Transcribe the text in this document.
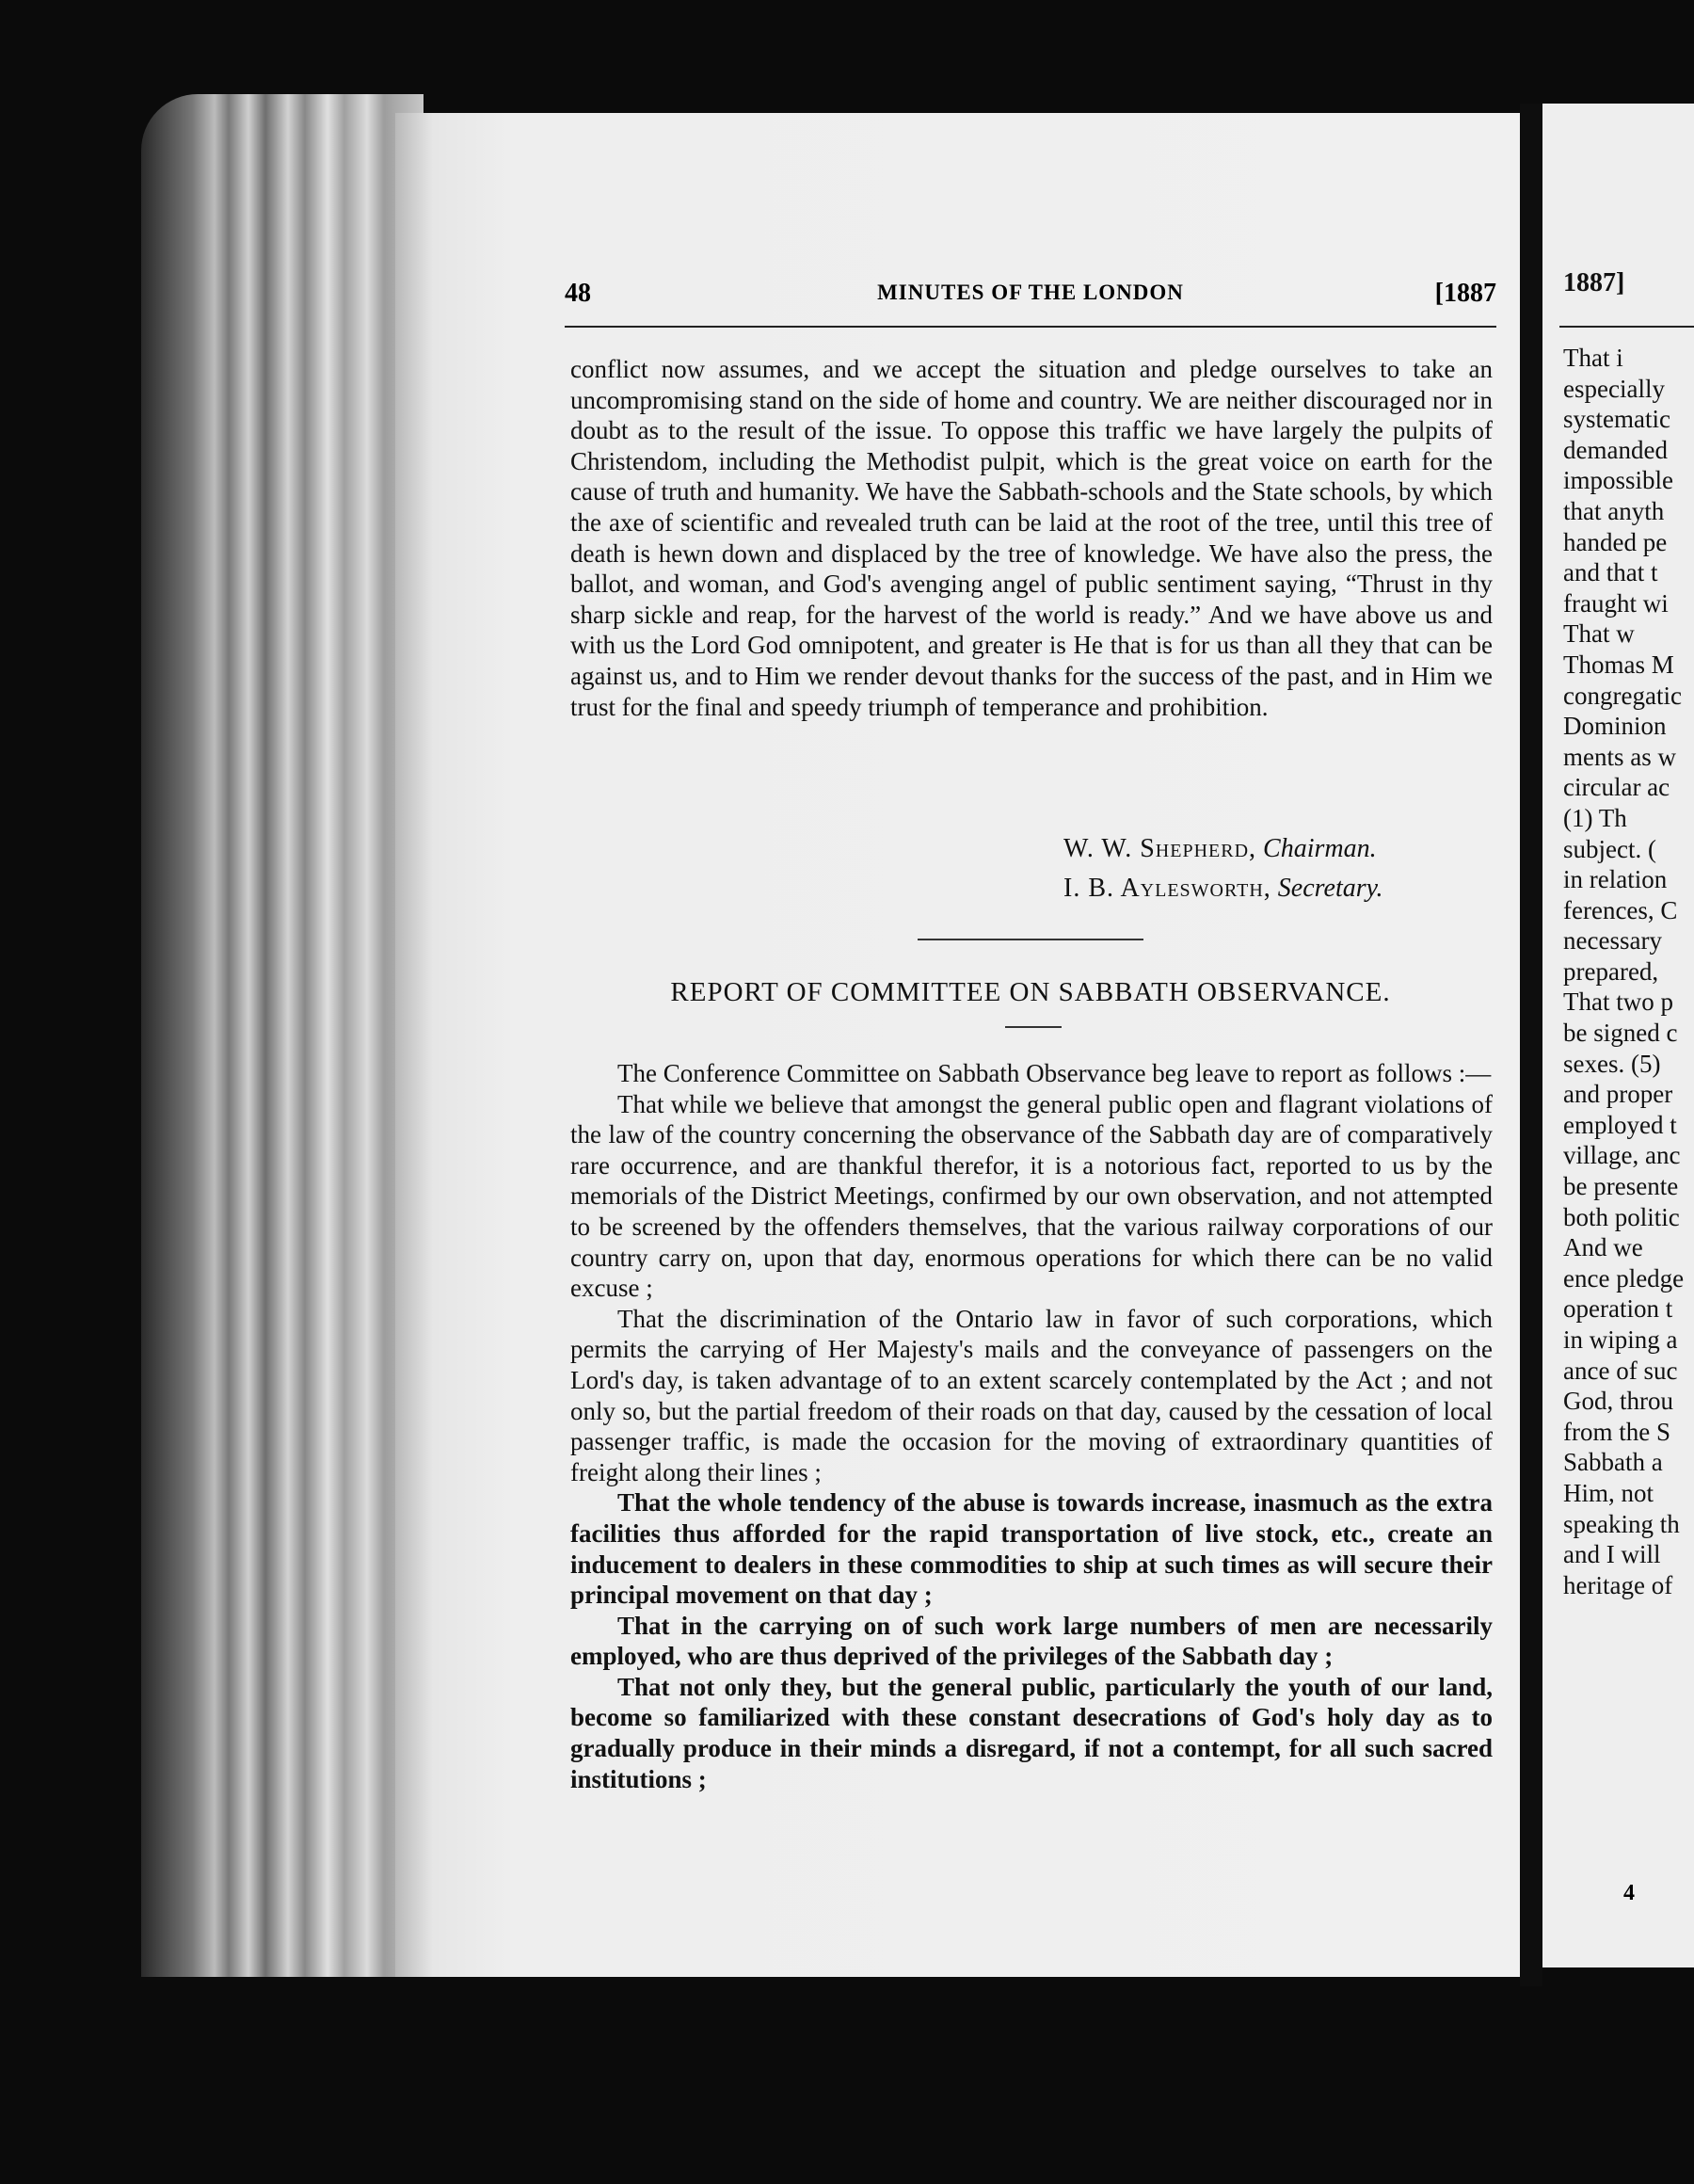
48	MINUTES OF THE LONDON	[1887

conflict now assumes, and we accept the situation and pledge ourselves to take an uncompromising stand on the side of home and country. We are neither discouraged nor in doubt as to the result of the issue. To oppose this traffic we have largely the pulpits of Christendom, including the Methodist pulpit, which is the great voice on earth for the cause of truth and humanity. We have the Sabbath-schools and the State schools, by which the axe of scientific and revealed truth can be laid at the root of the tree, until this tree of death is hewn down and displaced by the tree of knowledge. We have also the press, the ballot, and woman, and God's avenging angel of public sentiment saying, “Thrust in thy sharp sickle and reap, for the harvest of the world is ready.” And we have above us and with us the Lord God omnipotent, and greater is He that is for us than all they that can be against us, and to Him we render devout thanks for the success of the past, and in Him we trust for the final and speedy triumph of temperance and prohibition.

W. W. Shepherd, Chairman.
I. B. Aylesworth, Secretary.
REPORT OF COMMITTEE ON SABBATH OBSERVANCE.

The Conference Committee on Sabbath Observance beg leave to report as follows :—

That while we believe that amongst the general public open and flagrant violations of the law of the country concerning the observance of the Sabbath day are of comparatively rare occurrence, and are thankful therefor, it is a notorious fact, reported to us by the memorials of the District Meetings, confirmed by our own observation, and not attempted to be screened by the offenders themselves, that the various railway corporations of our country carry on, upon that day, enormous operations for which there can be no valid excuse ;

That the discrimination of the Ontario law in favor of such corporations, which permits the carrying of Her Majesty's mails and the conveyance of passengers on the Lord's day, is taken advantage of to an extent scarcely contemplated by the Act ; and not only so, but the partial freedom of their roads on that day, caused by the cessation of local passenger traffic, is made the occasion for the moving of extraordinary quantities of freight along their lines ;

That the whole tendency of the abuse is towards increase, inasmuch as the extra facilities thus afforded for the rapid transportation of live stock, etc., create an inducement to dealers in these commodities to ship at such times as will secure their principal movement on that day ;

That in the carrying on of such work large numbers of men are necessarily employed, who are thus deprived of the privileges of the Sabbath day ;

That not only they, but the general public, particularly the youth of our land, become so familiarized with these constant desecrations of God's holy day as to gradually produce in their minds a disregard, if not a contempt, for all such sacred institutions ;

1887]
That i
especially
systematic
demanded
impossible
that anyth
handed pe
and that t
fraught wi
That w
Thomas M
congregatic
Dominion
ments as w
circular ac
(1) Th
subject. (
in relation
ferences, C
necessary
prepared,
That two p
be signed c
sexes. (5)
and proper
employed t
village, anc
be presente
both politic
And we
ence pledge
operation t
in wiping a
ance of suc
God, throu
from the S
Sabbath a
Him, not
speaking th
and I will
heritage of
4
